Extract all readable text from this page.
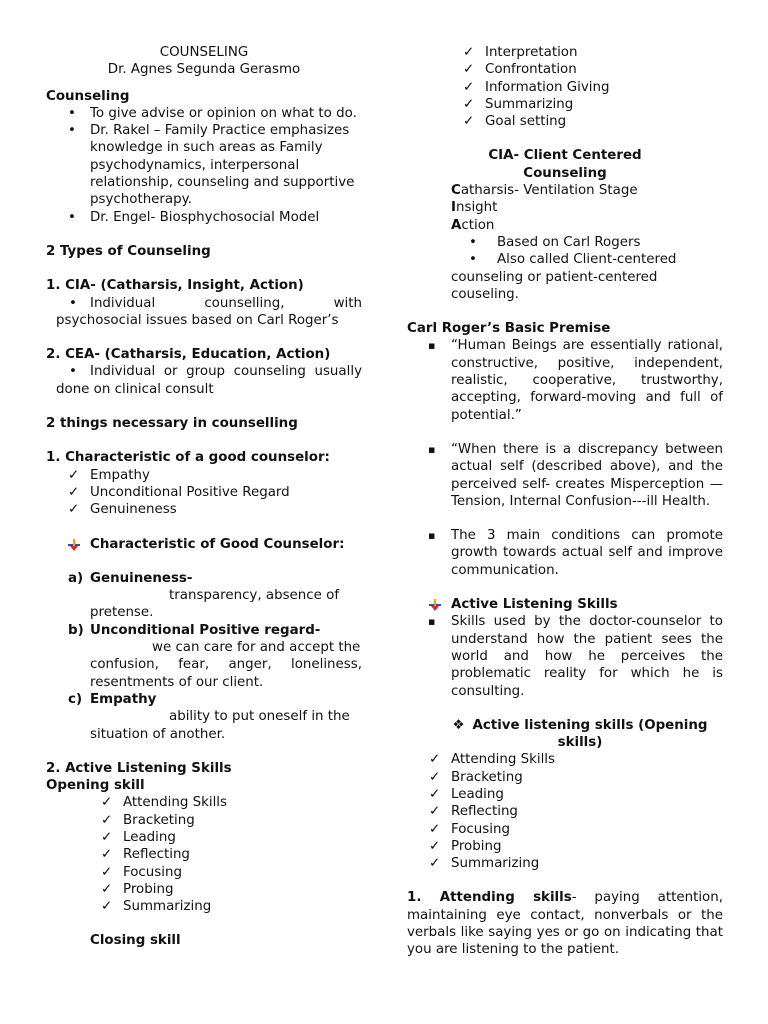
COUNSELING
Dr. Agnes Segunda Gerasmo
Counseling
• To give advise or opinion on what to do.
• Dr. Rakel – Family Practice emphasizes knowledge in such areas as Family psychodynamics, interpersonal relationship, counseling and supportive psychotherapy.
• Dr. Engel- Biosphychosocial Model
2 Types of Counseling
1. CIA- (Catharsis, Insight, Action)
• Individual counselling, with psychosocial issues based on Carl Roger’s
2. CEA- (Catharsis, Education, Action)
• Individual or group counseling usually done on clinical consult
2 things necessary in counselling
1. Characteristic of a good counselor:
✓ Empathy
✓ Unconditional Positive Regard
✓ Genuineness
Characteristic of Good Counselor:
a) Genuineness-
transparency, absence of
pretense.
b) Unconditional Positive regard-
we can care for and accept the
confusion, fear, anger, loneliness, resentments of our client.
c) Empathy
ability to put oneself in the
situation of another.
2. Active Listening Skills
Opening skill
✓ Attending Skills
✓ Bracketing
✓ Leading
✓ Reflecting
✓ Focusing
✓ Probing
✓ Summarizing
Closing skill
✓ Interpretation
✓ Confrontation
✓ Information Giving
✓ Summarizing
✓ Goal setting
CIA- Client Centered
Counseling
Catharsis- Ventilation Stage
Insight
Action
• Based on Carl Rogers
• Also called Client-centered
counseling or patient-centered couseling.
Carl Roger’s Basic Premise
▪ “Human Beings are essentially rational, constructive, positive, independent, realistic, cooperative, trustworthy, accepting, forward-moving and full of potential.”
▪ “When there is a discrepancy between actual self (described above), and the perceived self- creates Misperception —Tension, Internal Confusion---ill Health.
▪ The 3 main conditions can promote growth towards actual self and improve communication.
Active Listening Skills
▪ Skills used by the doctor-counselor to understand how the patient sees the world and how he perceives the problematic reality for which he is consulting.
❖ Active listening skills (Opening skills)
✓ Attending Skills
✓ Bracketing
✓ Leading
✓ Reflecting
✓ Focusing
✓ Probing
✓ Summarizing
1. Attending skills- paying attention, maintaining eye contact, nonverbals or the verbals like saying yes or go on indicating that you are listening to the patient.
